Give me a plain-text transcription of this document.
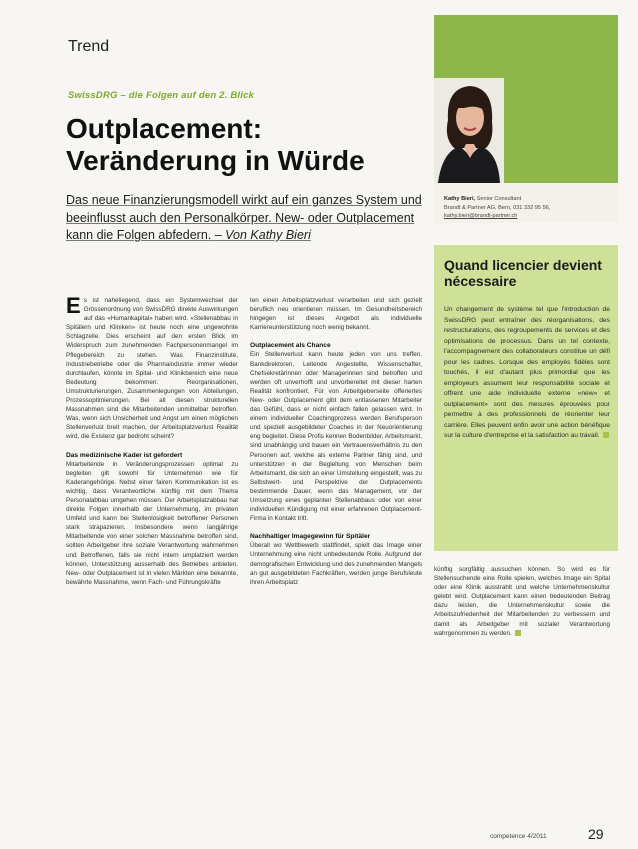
Trend
SwissDRG – die Folgen auf den 2. Blick
Outplacement:
Veränderung in Würde
Das neue Finanzierungsmodell wirkt auf ein ganzes System und beeinflusst auch den Personalkörper. New- oder Outplacement kann die Folgen abfedern. – Von Kathy Bieri

Es ist naheliegend, dass ein Systemwechsel der Grössenordnung von SwissDRG direkte Auswirkungen auf das «Humankapital» haben wird. «Stellenabbau in Spitälern und Kliniken» ist heute noch eine ungewohnte Schlagzeile. Dies erscheint auf den ersten Blick im Widerspruch zum zunehmenden Fachpersonenmangel im Pflegebereich zu stehen. Was Finanzinstitute, Industriebetriebe oder die Pharmaindustrie immer wieder durchlaufen, könnte im Spital- und Klinikbereich eine neue Bedeutung bekommen: Reorganisationen, Umstrukturierungen, Zusammenlegungen von Abteilungen, Prozessoptimierungen. Bei all diesen strukturellen Massnahmen sind die Mitarbeitenden unmittelbar betroffen. Was, wenn sich Unsicherheit und Angst um einen möglichen Stellenverlust breit machen, der Arbeitsplatzverlust Realität wird, die Existenz gar bedroht scheint?

Das medizinische Kader ist gefordert

Mitarbeitende in Veränderungsprozessen optimal zu begleiten gilt sowohl für Unternehmen wie für Kaderangehörige. Nebst einer fairen Kommunikation ist es wichtig, dass Verantwortliche künftig mit dem Thema Personalabbau umgehen müssen. Der Arbeitsplatzabbau hat direkte Folgen innerhalb der Unternehmung, im privaten Umfeld und kann bei Stellenlosigkeit betroffener Personen stark strapazieren. Insbesondere wenn langjährige Mitarbeitende von einer solchen Massnahme betroffen sind, sollten Arbeitgeber ihre soziale Verantwortung wahrnehmen und Betroffenen, falls sie nicht intern umplatziert werden können, Unterstützung ausserhalb des Betriebes anbieten. New- oder Outplacement ist in vielen Märkten eine bekannte, bewährte Massnahme, wenn Fach- und Führungskräfte

ten einen Arbeitsplatzverlust verarbeiten und sich gezielt beruflich neu orientieren müssen. Im Gesundheitsbereich hingegen ist dieses Angebot als individuelle Karriereunterstützung noch wenig bekannt.

Outplacement als Chance

Ein Stellenverlust kann heute jeden von uns treffen. Bankdirektoren, Leitende Angestellte, Wissenschafter, Chefsekretärinnen oder Managerinnen sind betroffen und werden oft unverhofft und unvorbereitet mit dieser harten Realität konfrontiert. Für von Arbeitgeberseite offeriertes New- oder Outplacement gibt dem entlassenen Mitarbeiter das Gefühl, dass er nicht einfach fallen gelassen wird. In einem individueller Coachingprozess werden Berufsperson und speziell ausgebildeter Coaches in der Neuorientierung eng begleitet. Diese Profis kennen Bodenbilder, Arbeitsmarkt, sind unabhängig und bauen ein Vertrauensverhältnis zu den Personen auf, welche als externe Partner fähig sind, und unterstützen in der Begleitung von Menschen beim Arbeitsmarkt, die sich an einer Umstellung eingestellt, was zu Selbstwert- und Perspektive der Outplacements bestimmende Dauer, wenn das Management, vor der Umsetzung eines geplanten Stellenabbaus oder von einer individuellen Kündigung mit einer erfahrenen Outplacement-Firma in Kontakt tritt.

Nachhaltiger Imagegewinn für Spitäler

Überall wo Wettbewerb stattfindet, spielt das Image einer Unternehmung eine nicht unbedeutende Rolle. Aufgrund der demografischen Entwicklung und des zunehmenden Mangels an gut ausgebildeten Fachkräften, werden junge Berufsleute ihren Arbeitsplatz

Kathy Bieri, Senior Consultant
Brandt & Partner AG, Bern, 031 332 95 56,
kathy.bieri@brandt-partner.ch
Quand licencier devient nécessaire
Un changement de système tel que l'introduction de SwissDRG peut entraîner des réorganisations, des restructurations, des regroupements de services et des optimisations de processus. Dans un tel contexte, l'accompagnement des collaborateurs constitue un défi pour les cadres. Lorsque des employés fidèles sont touchés, il est d'autant plus primordial que les employeurs assument leur responsabilité sociale et offrent une aide individuelle externe «new» et outplacement» sont des mesures éprouvées pour permettre à des professionnels de réorienter leur carrière. Elles peuvent enfin avoir une action bénéfique sur la culture d'entreprise et la satisfaction au travail.

künftig sorgfältig aussuchen können. So wird es für Stellensuchende eine Rolle spielen, welches Image ein Spital oder eine Klinik ausstrahlt und welche Unternehmenskultur gelebt wird. Outplacement kann einen bedeutenden Beitrag dazu leisten, die Unternehmenskultur sowie die Arbeitszufriedenheit der Mitarbeitenden zu verbessern und damit als Arbeitgeber mit sozialer Verantwortung wahrgenommen zu werden.

competence 4/2011	29
